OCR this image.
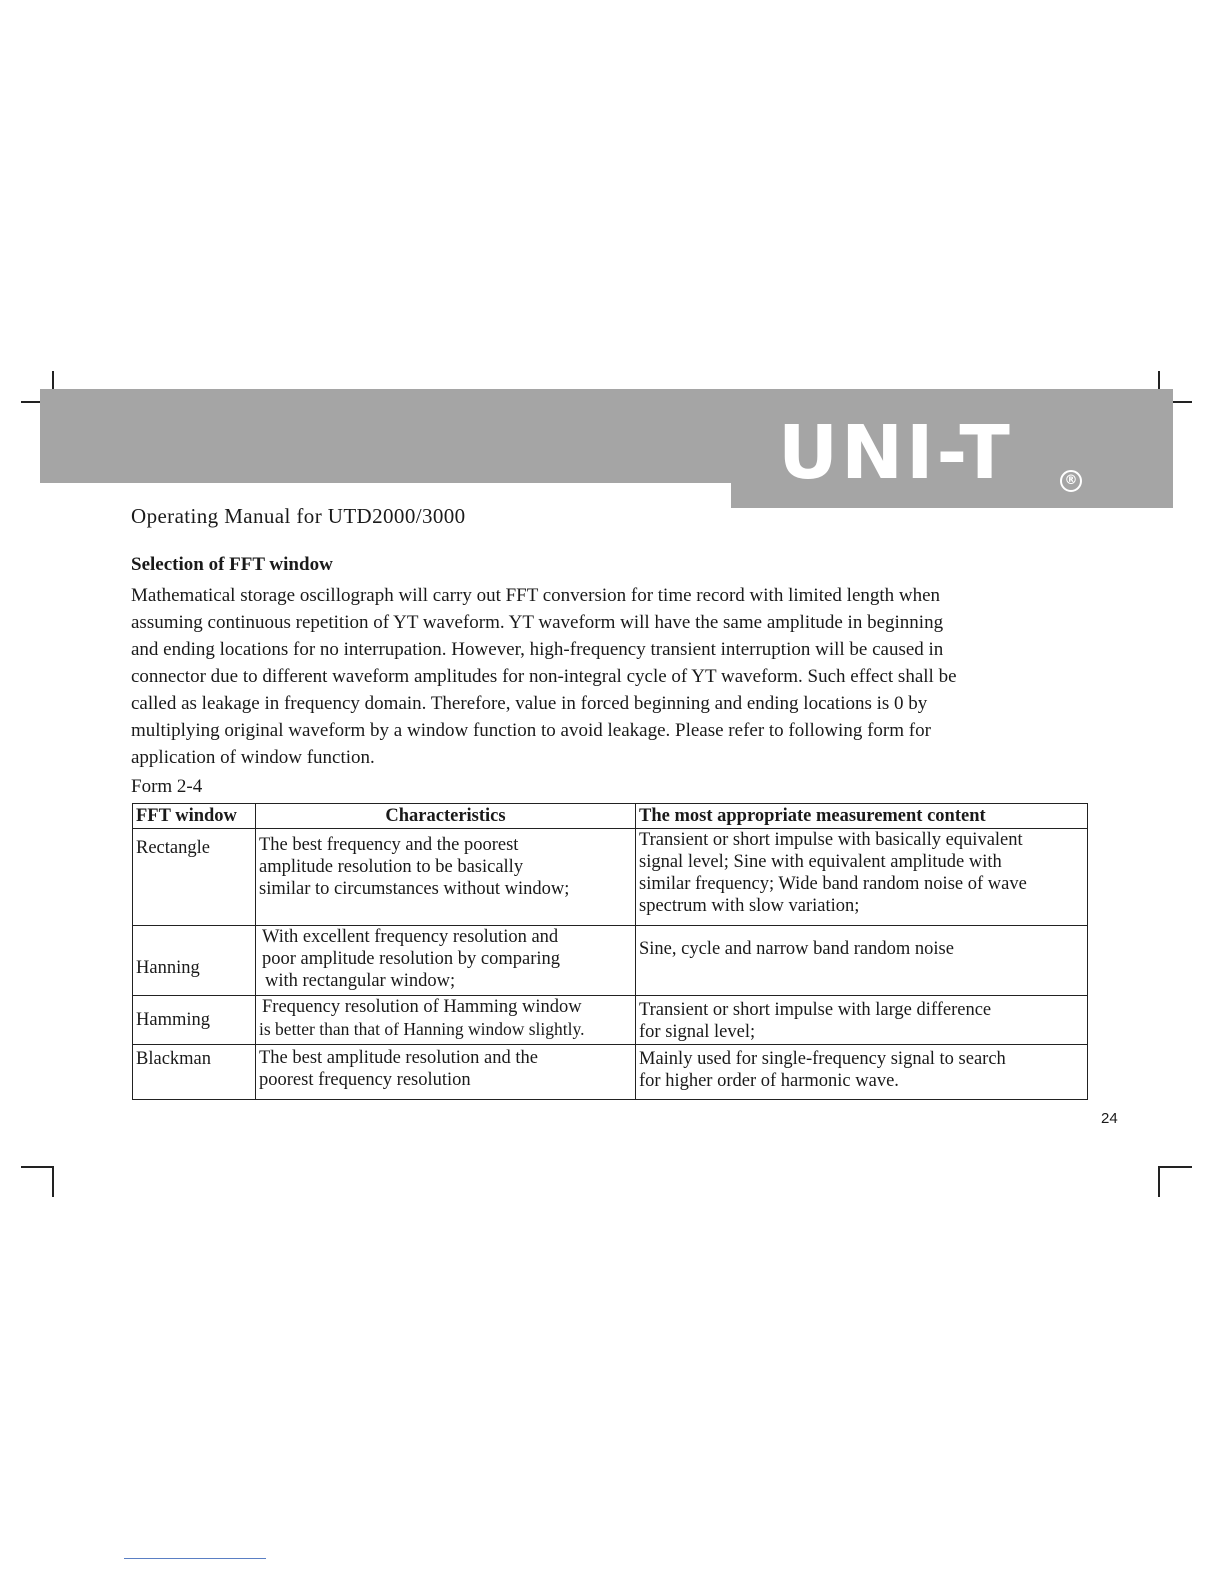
UNI-T	®
Operating Manual for UTD2000/3000
Selection of FFT window

Mathematical storage oscillograph will carry out FFT conversion for time record with limited length when

assuming continuous repetition of YT waveform. YT waveform will have the same amplitude in beginning

and ending locations for no interrupation. However, high-frequency transient interruption will be caused in

connector due to different waveform amplitudes for non-integral cycle of YT waveform. Such effect shall be

called as leakage in frequency domain. Therefore, value in forced beginning and ending locations is 0 by

multiplying original waveform by a window function to avoid leakage. Please refer to following form for

application of window function.

Form 2-4
FFT window	Characteristics	The most appropriate measurement content

Rectangle	The best frequency and the poorest
amplitude resolution to be basically
similar to circumstances without window;	Transient or short impulse with basically equivalent
signal level; Sine with equivalent amplitude with
similar frequency; Wide band random noise of wave
spectrum with slow variation;

Hanning	With excellent frequency resolution and
poor amplitude resolution by comparing
with rectangular window;	Sine, cycle and narrow band random noise

Hamming	Frequency resolution of Hamming window
is better than that of Hanning window slightly.	Transient or short impulse with large difference
for signal level;

Blackman	The best amplitude resolution and the
poorest frequency resolution	Mainly used for single-frequency signal to search
for higher order of harmonic wave.
24
